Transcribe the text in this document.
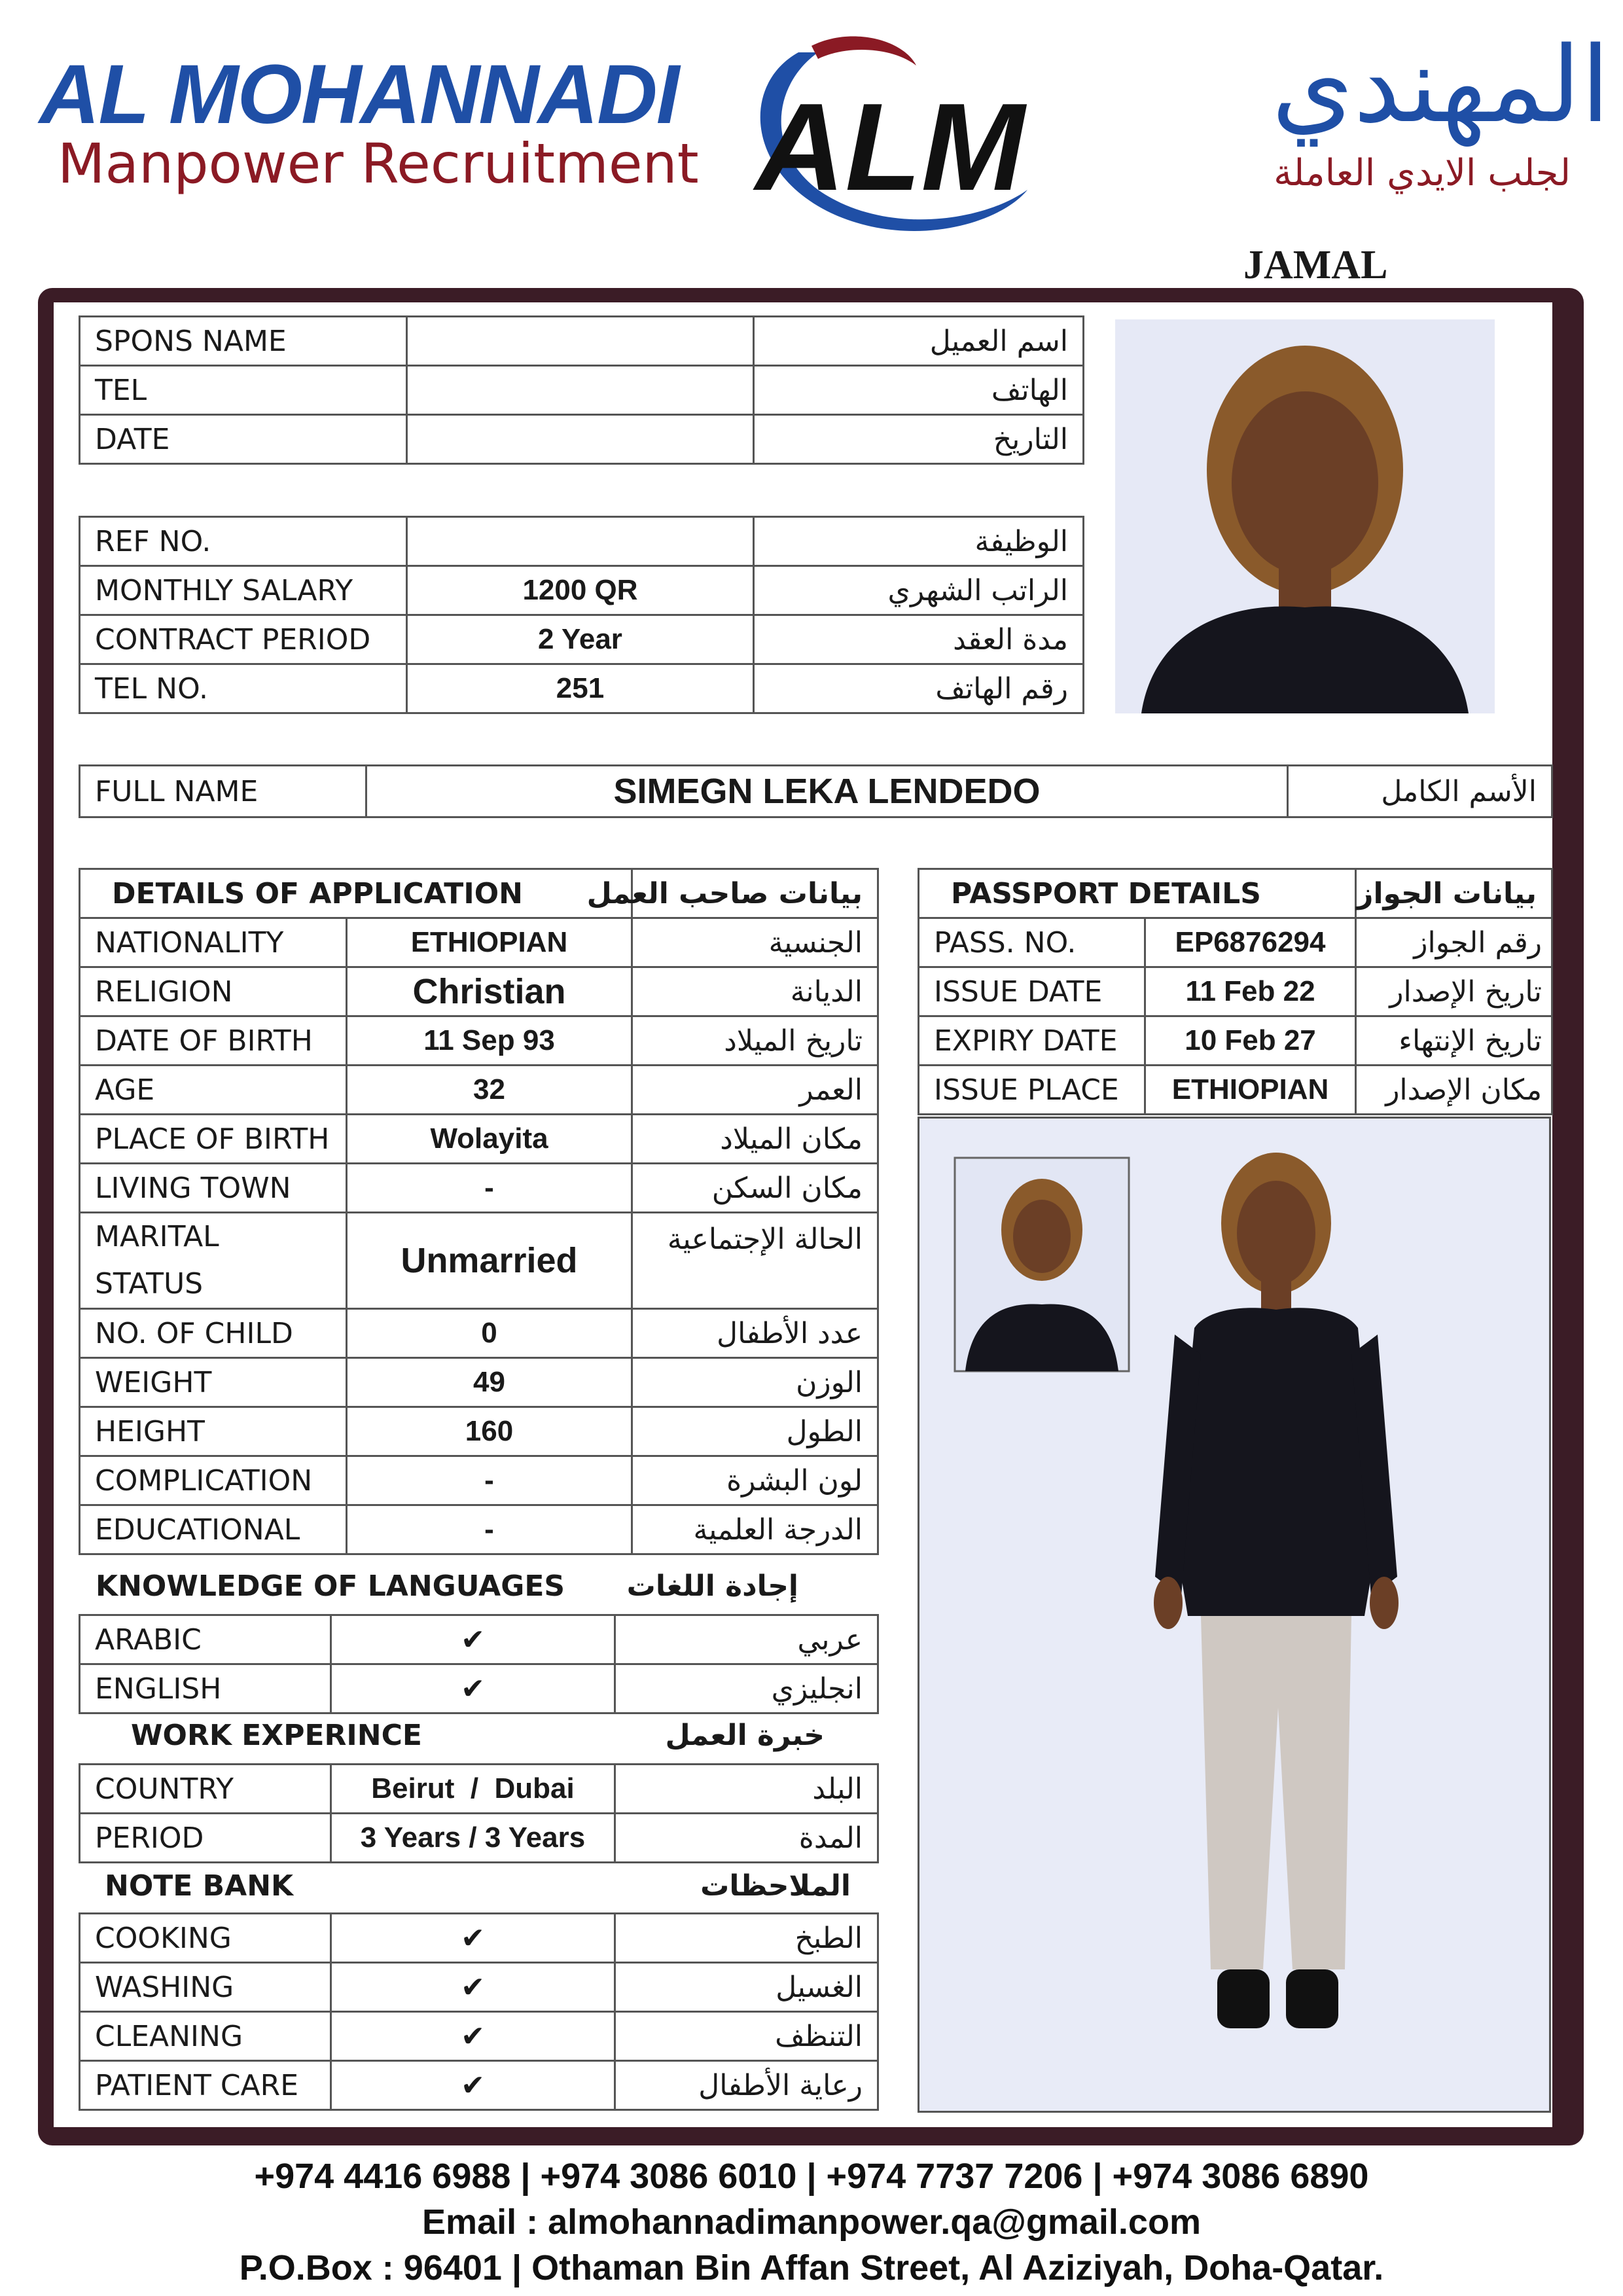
AL MOHANNADI
Manpower Recruitment ALM المهندي
لجلب الايدي العاملة
JAMAL
SPONS NAME		اسم العميل
TEL		الهاتف
DATE		التاريخ
REF NO.		الوظيفة
MONTHLY SALARY	1200 QR	الراتب الشهري
CONTRACT PERIOD	2 Year	مدة العقد
TEL NO.	251	رقم الهاتف
FULL NAME	SIMEGN LEKA LENDEDO	الأسم الكامل
DETAILS OF APPLICATION		بيانات صاحب العمل
NATIONALITY	ETHIOPIAN	الجنسية
RELIGION	Christian	الديانة
DATE OF BIRTH	11 Sep 93	تاريخ الميلاد
AGE	32	العمر
PLACE OF BIRTH	Wolayita	مكان الميلاد
LIVING TOWN	-	مكان السكن

MARITAL
STATUS	Unmarried	الحالة الإجتماعية
NO. OF CHILD	0	عدد الأطفال
WEIGHT	49	الوزن
HEIGHT	160	الطول
COMPLICATION	-	لون البشرة
EDUCATIONAL	-	الدرجة العلمية
KNOWLEDGE OF LANGUAGES	إجادة اللغات
ARABIC	✔	عربي
ENGLISH	✔	انجليزي
WORK EXPERINCE	خبرة العمل
COUNTRY	Beirut  /  Dubai	البلد
PERIOD	3 Years / 3 Years	المدة
NOTE BANK	الملاحظات
COOKING	✔	الطبخ
WASHING	✔	الغسيل
CLEANING	✔	التنظف
PATIENT CARE	✔	رعاية الأطفال
PASSPORT DETAILS		بيانات الجواز
PASS. NO.	EP6876294	رقم الجواز
ISSUE DATE	11 Feb 22	تاريخ الإصدار
EXPIRY DATE	10 Feb 27	تاريخ الإنتهاء
ISSUE PLACE	ETHIOPIAN	مكان الإصدار
+974 4416 6988 | +974 3086 6010 | +974 7737 7206 | +974 3086 6890
Email : almohannadimanpower.qa@gmail.com
P.O.Box : 96401 | Othaman Bin Affan Street, Al Aziziyah, Doha-Qatar.
